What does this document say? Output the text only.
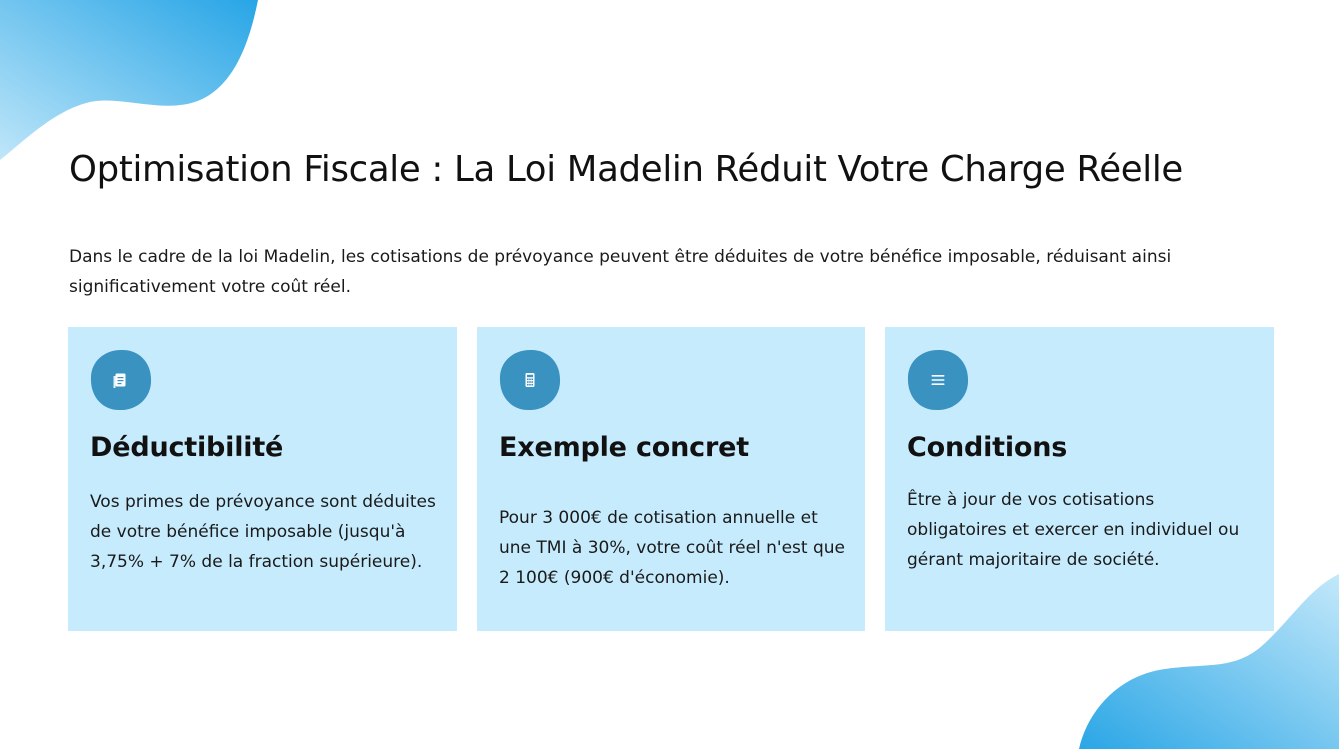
Optimisation Fiscale : La Loi Madelin Réduit Votre Charge Réelle

Dans le cadre de la loi Madelin, les cotisations de prévoyance peuvent être déduites de votre bénéfice imposable, réduisant ainsi significativement votre coût réel.

Déductibilité

Vos primes de prévoyance sont déduites de votre bénéfice imposable (jusqu'à 3,75% + 7% de la fraction supérieure).

Exemple concret

Pour 3 000€ de cotisation annuelle et une TMI à 30%, votre coût réel n'est que 2 100€ (900€ d'économie).

Conditions

Être à jour de vos cotisations obligatoires et exercer en individuel ou gérant majoritaire de société.
